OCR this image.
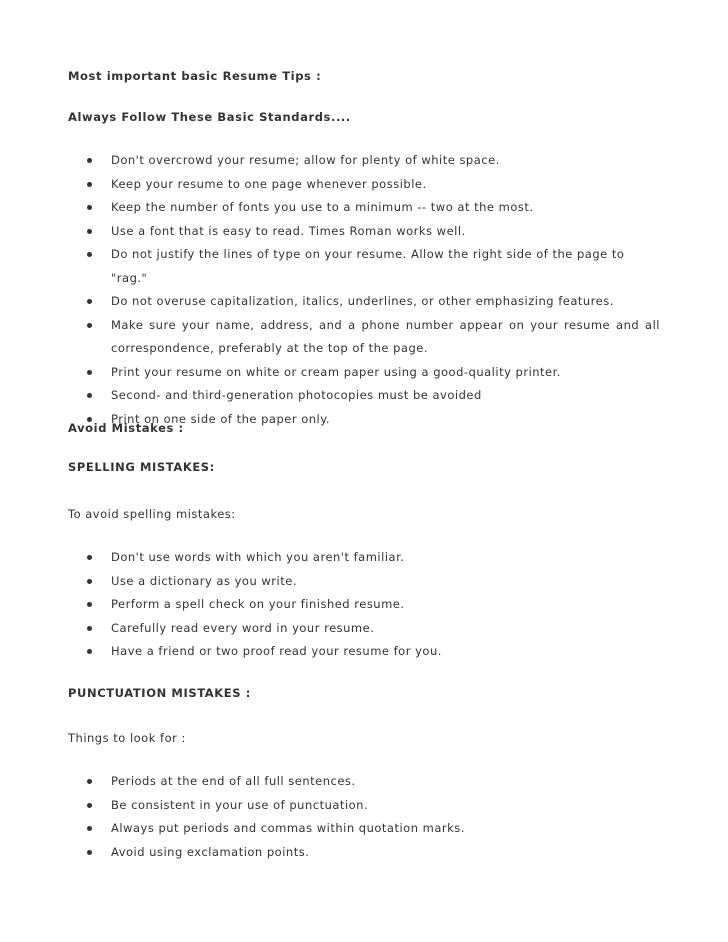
Most important basic Resume Tips :

Always Follow These Basic Standards....

Don't overcrowd your resume; allow for plenty of white space.
Keep your resume to one page whenever possible.
Keep the number of fonts you use to a minimum -- two at the most.
Use a font that is easy to read. Times Roman works well.
Do not justify the lines of type on your resume. Allow the right side of the page to "rag."
Do not overuse capitalization, italics, underlines, or other emphasizing features.
Make sure your name, address, and a phone number appear on your resume and all
correspondence, preferably at the top of the page.
Print your resume on white or cream paper using a good-quality printer.
Second- and third-generation photocopies must be avoided
Print on one side of the paper only.

Avoid Mistakes :

SPELLING MISTAKES:

To avoid spelling mistakes:

Don't use words with which you aren't familiar.
Use a dictionary as you write.
Perform a spell check on your finished resume.
Carefully read every word in your resume.
Have a friend or two proof read your resume for you.

PUNCTUATION MISTAKES :

Things to look for :

Periods at the end of all full sentences.
Be consistent in your use of punctuation.
Always put periods and commas within quotation marks.
Avoid using exclamation points.
